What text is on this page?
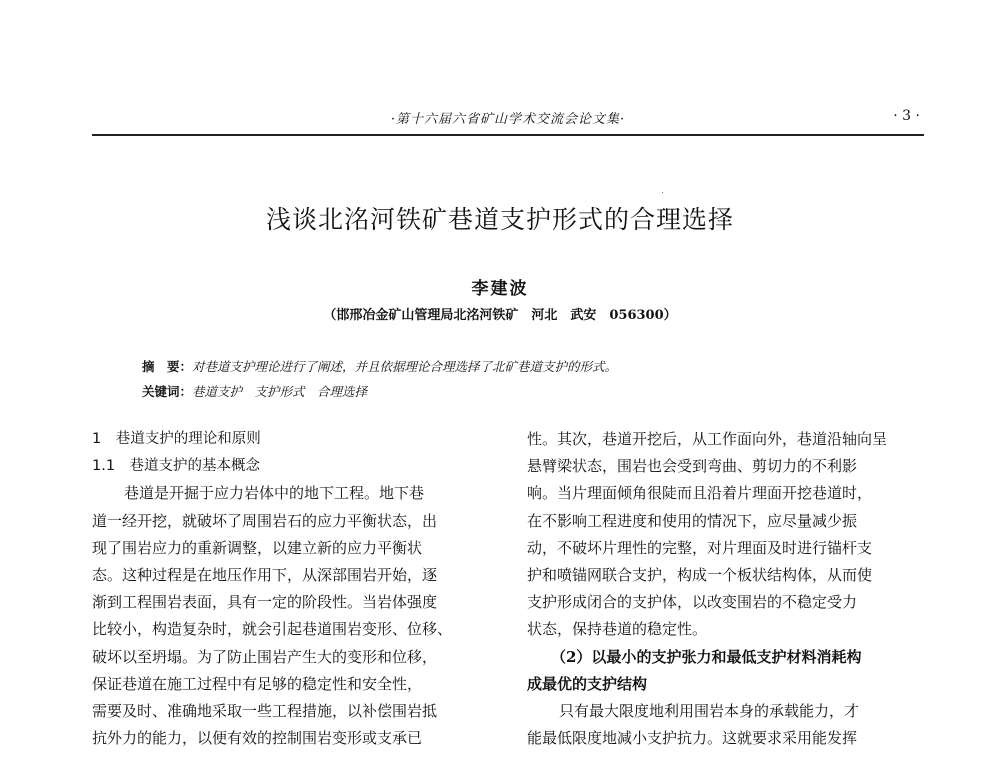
·第十六届六省矿山学术交流会论文集·	· 3 ·
浅谈北洺河铁矿巷道支护形式的合理选择
李建波
（邯邢冶金矿山管理局北洺河铁矿　河北　武安　056300）
摘　要：对巷道支护理论进行了阐述，并且依据理论合理选择了北矿巷道支护的形式。
关键词：巷道支护　支护形式　合理选择
1　巷道支护的理论和原则
1.1　巷道支护的基本概念
巷道是开掘于应力岩体中的地下工程。地下巷
道一经开挖，就破坏了周围岩石的应力平衡状态，出
现了围岩应力的重新调整，以建立新的应力平衡状
态。这种过程是在地压作用下，从深部围岩开始，逐
渐到工程围岩表面，具有一定的阶段性。当岩体强度
比较小，构造复杂时，就会引起巷道围岩变形、位移、
破坏以至坍塌。为了防止围岩产生大的变形和位移，
保证巷道在施工过程中有足够的稳定性和安全性，
需要及时、准确地采取一些工程措施，以补偿围岩抵
抗外力的能力，以便有效的控制围岩变形或支承已
性。其次，巷道开挖后，从工作面向外，巷道沿轴向呈
悬臂梁状态，围岩也会受到弯曲、剪切力的不利影
响。当片理面倾角很陡而且沿着片理面开挖巷道时，
在不影响工程进度和使用的情况下，应尽量减少振
动，不破坏片理性的完整，对片理面及时进行锚杆支
护和喷锚网联合支护，构成一个板状结构体，从而使
支护形成闭合的支护体，以改变围岩的不稳定受力
状态，保持巷道的稳定性。
（2）以最小的支护张力和最低支护材料消耗构
成最优的支护结构
只有最大限度地利用围岩本身的承载能力，才
能最低限度地减小支护抗力。这就要求采用能发挥
